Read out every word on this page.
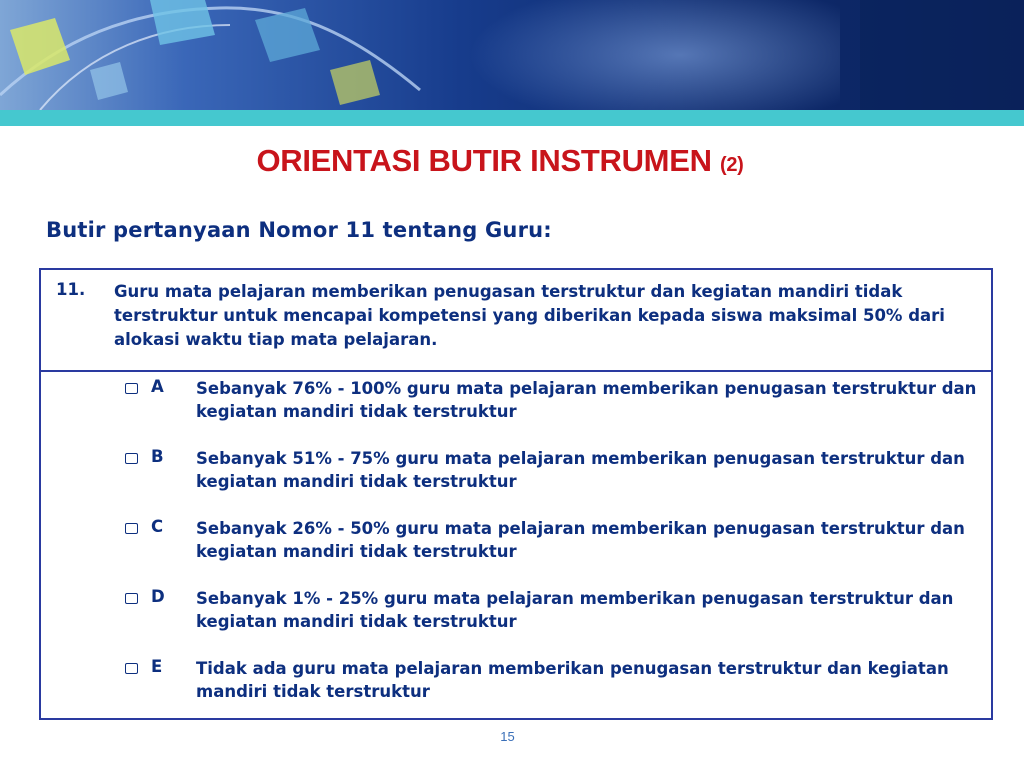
ORIENTASI BUTIR INSTRUMEN (2)
Butir pertanyaan Nomor 11 tentang Guru:
11. Guru mata pelajaran memberikan penugasan terstruktur dan kegiatan mandiri tidak terstruktur untuk mencapai kompetensi yang diberikan kepada siswa maksimal 50% dari alokasi waktu tiap mata pelajaran.
A Sebanyak 76% - 100% guru mata pelajaran memberikan penugasan terstruktur dan kegiatan mandiri tidak terstruktur
B Sebanyak 51% - 75% guru mata pelajaran memberikan penugasan terstruktur dan kegiatan mandiri tidak terstruktur
C Sebanyak 26% - 50% guru mata pelajaran memberikan penugasan terstruktur dan kegiatan mandiri tidak terstruktur
D Sebanyak 1% - 25% guru mata pelajaran memberikan penugasan terstruktur dan kegiatan mandiri tidak terstruktur
E Tidak ada guru mata pelajaran memberikan penugasan terstruktur dan kegiatan mandiri tidak terstruktur
15
